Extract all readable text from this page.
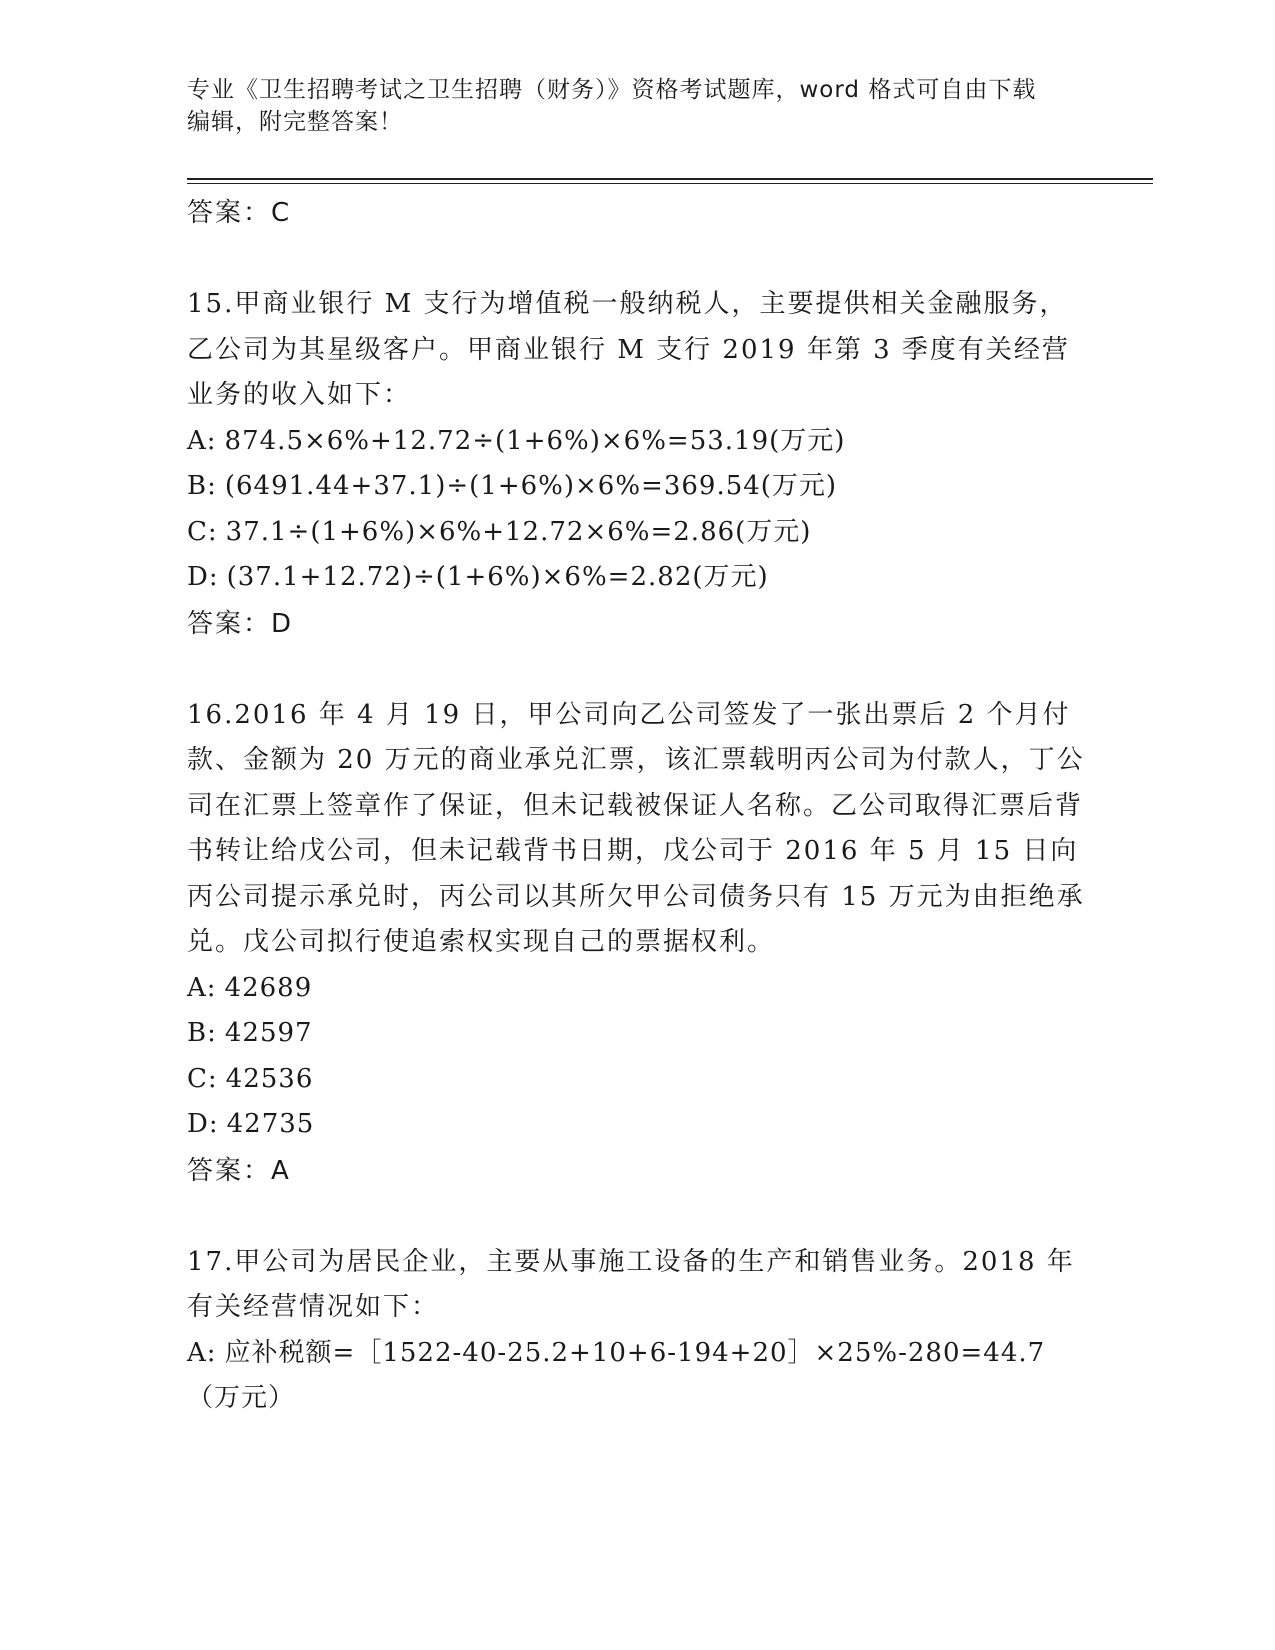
专业《卫生招聘考试之卫生招聘（财务）》资格考试题库，word 格式可自由下载
编辑，附完整答案！

答案：C

15.甲商业银行 M 支行为增值税一般纳税人，主要提供相关金融服务，乙公司为其星级客户。甲商业银行 M 支行 2019 年第 3 季度有关经营业务的收入如下：

A: 874.5×6%+12.72÷(1+6%)×6%=53.19(万元)

B: (6491.44+37.1)÷(1+6%)×6%=369.54(万元)

C: 37.1÷(1+6%)×6%+12.72×6%=2.86(万元)

D: (37.1+12.72)÷(1+6%)×6%=2.82(万元)

答案：D

16.2016 年 4 月 19 日，甲公司向乙公司签发了一张出票后 2 个月付款、金额为 20 万元的商业承兑汇票，该汇票载明丙公司为付款人，丁公司在汇票上签章作了保证，但未记载被保证人名称。乙公司取得汇票后背书转让给戊公司，但未记载背书日期，戊公司于 2016 年 5 月 15 日向丙公司提示承兑时，丙公司以其所欠甲公司债务只有 15 万元为由拒绝承兑。戊公司拟行使追索权实现自己的票据权利。

A: 42689

B: 42597

C: 42536

D: 42735

答案：A

17.甲公司为居民企业，主要从事施工设备的生产和销售业务。2018 年有关经营情况如下：

A: 应补税额=［1522-40-25.2+10+6-194+20］×25%-280=44.7（万元）
